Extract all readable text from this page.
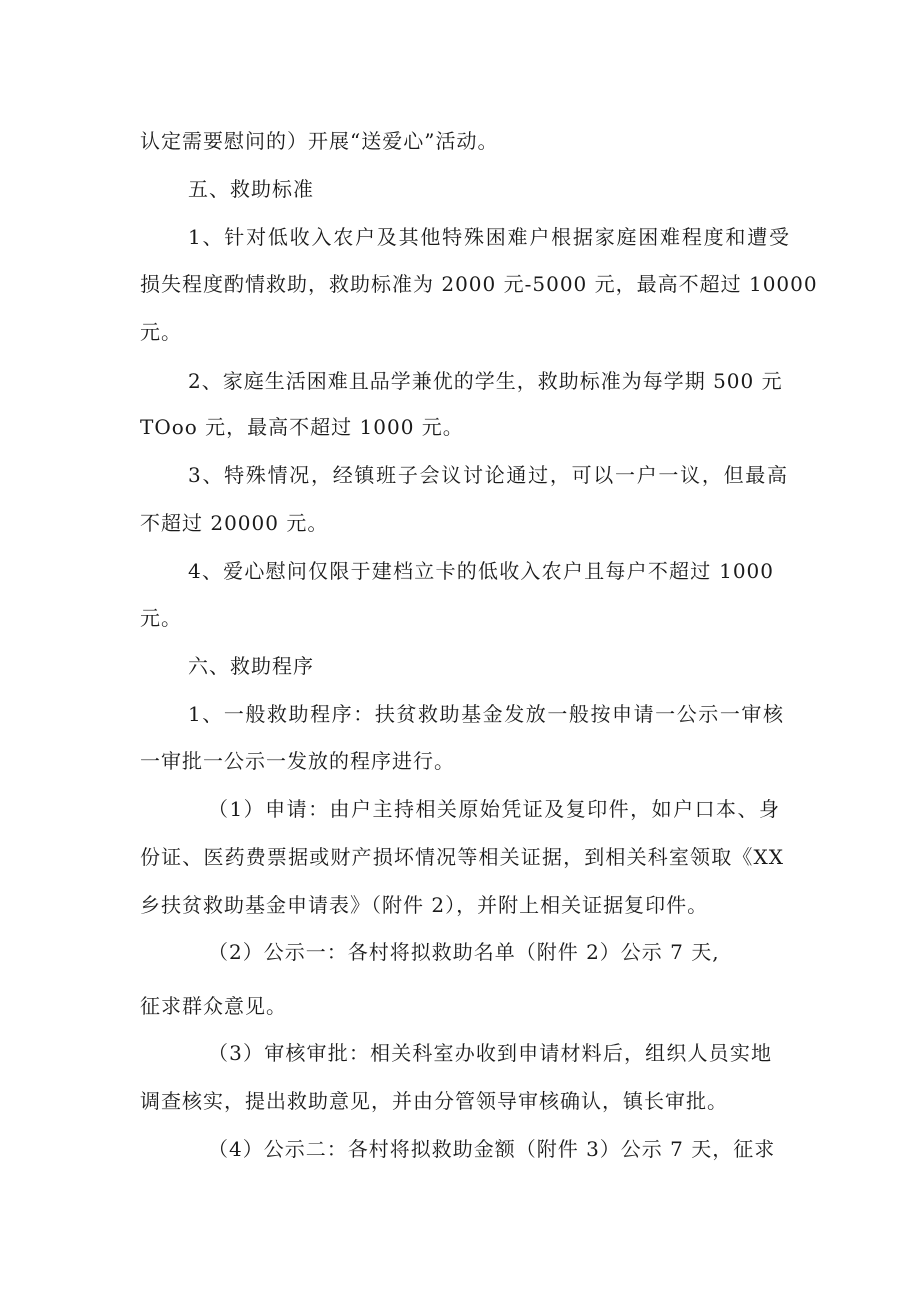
认定需要慰问的）开展“送爱心”活动。
五、救助标准
1、针对低收入农户及其他特殊困难户根据家庭困难程度和遭受
损失程度酌情救助，救助标准为 2000 元-5000 元，最高不超过 10000
元。
2、家庭生活困难且品学兼优的学生，救助标准为每学期 500 元
TOoo 元，最高不超过 1000 元。
3、特殊情况，经镇班子会议讨论通过，可以一户一议，但最高
不超过 20000 元。
4、爱心慰问仅限于建档立卡的低收入农户且每户不超过 1000
元。
六、救助程序
1、一般救助程序：扶贫救助基金发放一般按申请一公示一审核
一审批一公示一发放的程序进行。
（1）申请：由户主持相关原始凭证及复印件，如户口本、身
份证、医药费票据或财产损坏情况等相关证据，到相关科室领取《XX
乡扶贫救助基金申请表》（附件 2），并附上相关证据复印件。
（2）公示一：各村将拟救助名单（附件 2）公示 7 天,
征求群众意见。
（3）审核审批：相关科室办收到申请材料后，组织人员实地
调查核实，提出救助意见，并由分管领导审核确认，镇长审批。
（4）公示二：各村将拟救助金额（附件 3）公示 7 天，征求
